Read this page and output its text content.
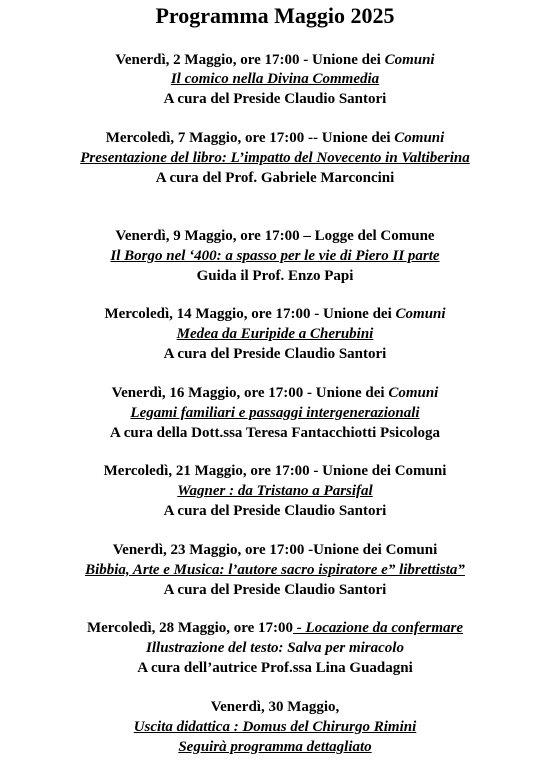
Programma Maggio 2025
Venerdì, 2 Maggio, ore 17:00 - Unione dei Comuni
Il comico nella Divina Commedia
A cura del Preside Claudio Santori
Mercoledì, 7 Maggio, ore 17:00 -- Unione dei Comuni
Presentazione del libro: L’impatto del Novecento in Valtiberina
A cura del Prof. Gabriele Marconcini
Venerdì, 9 Maggio, ore 17:00 – Logge del Comune
Il Borgo nel ‘400: a spasso per le vie di Piero II parte
Guida il Prof. Enzo Papi
Mercoledì, 14 Maggio, ore 17:00 - Unione dei Comuni
Medea da Euripide a Cherubini
A cura del Preside Claudio Santori
Venerdì, 16 Maggio, ore 17:00 - Unione dei Comuni
Legami familiari e passaggi intergenerazionali
A cura della Dott.ssa Teresa Fantacchiotti Psicologa
Mercoledì, 21 Maggio, ore 17:00 - Unione dei Comuni
Wagner : da Tristano a Parsifal
A cura del Preside Claudio Santori
Venerdì, 23 Maggio, ore 17:00 -Unione dei Comuni
Bibbia, Arte e Musica: l’autore sacro ispiratore e” librettista”
A cura del Preside Claudio Santori
Mercoledì, 28 Maggio, ore 17:00 - Locazione da confermare
Illustrazione del testo: Salva per miracolo
A cura dell’autrice Prof.ssa Lina Guadagni
Venerdì, 30 Maggio,
Uscita didattica : Domus del Chirurgo Rimini
Seguirà programma dettagliato
